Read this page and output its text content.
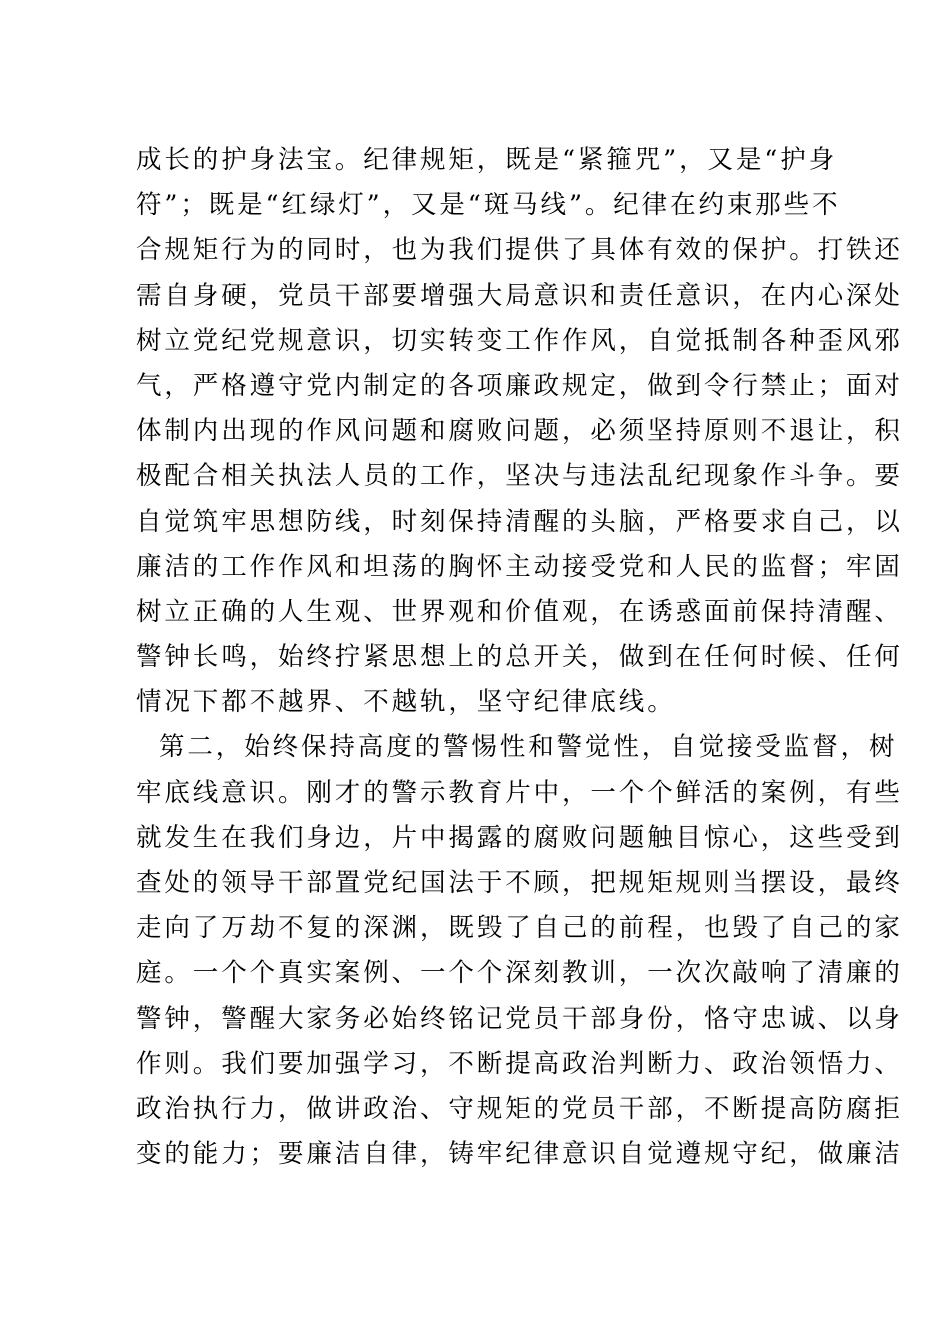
成长的护身法宝。纪律规矩，既是“紧箍咒”，又是“护身
符”；既是“红绿灯”，又是“斑马线”。纪律在约束那些不
合规矩行为的同时，也为我们提供了具体有效的保护。打铁还
需自身硬，党员干部要增强大局意识和责任意识，在内心深处
树立党纪党规意识，切实转变工作作风，自觉抵制各种歪风邪
气，严格遵守党内制定的各项廉政规定，做到令行禁止；面对
体制内出现的作风问题和腐败问题，必须坚持原则不退让，积
极配合相关执法人员的工作，坚决与违法乱纪现象作斗争。要
自觉筑牢思想防线，时刻保持清醒的头脑，严格要求自己，以
廉洁的工作作风和坦荡的胸怀主动接受党和人民的监督；牢固
树立正确的人生观、世界观和价值观，在诱惑面前保持清醒、
警钟长鸣，始终拧紧思想上的总开关，做到在任何时候、任何
情况下都不越界、不越轨，坚守纪律底线。
第二，始终保持高度的警惕性和警觉性，自觉接受监督，树
牢底线意识。刚才的警示教育片中，一个个鲜活的案例，有些
就发生在我们身边，片中揭露的腐败问题触目惊心，这些受到
查处的领导干部置党纪国法于不顾，把规矩规则当摆设，最终
走向了万劫不复的深渊，既毁了自己的前程，也毁了自己的家
庭。一个个真实案例、一个个深刻教训，一次次敲响了清廉的
警钟，警醒大家务必始终铭记党员干部身份，恪守忠诚、以身
作则。我们要加强学习，不断提高政治判断力、政治领悟力、
政治执行力，做讲政治、守规矩的党员干部，不断提高防腐拒
变的能力；要廉洁自律，铸牢纪律意识自觉遵规守纪，做廉洁
